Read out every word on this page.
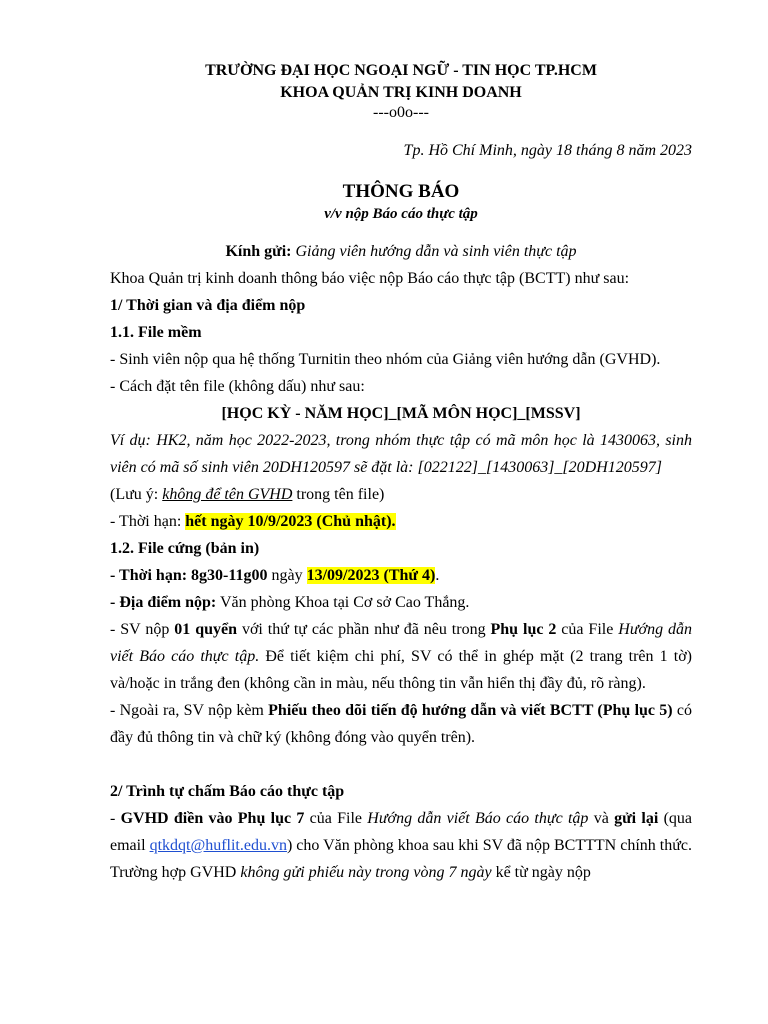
TRƯỜNG ĐẠI HỌC NGOẠI NGỮ - TIN HỌC TP.HCM

KHOA QUẢN TRỊ KINH DOANH

---o0o---

Tp. Hồ Chí Minh, ngày 18 tháng 8 năm 2023

THÔNG BÁO

v/v nộp Báo cáo thực tập

Kính gửi: Giảng viên hướng dẫn và sinh viên thực tập

Khoa Quản trị kinh doanh thông báo việc nộp Báo cáo thực tập (BCTT) như sau:

1/ Thời gian và địa điểm nộp

1.1. File mềm

- Sinh viên nộp qua hệ thống Turnitin theo nhóm của Giảng viên hướng dẫn (GVHD).

- Cách đặt tên file (không dấu) như sau:

[HỌC KỲ - NĂM HỌC]_[MÃ MÔN HỌC]_[MSSV]

Ví dụ: HK2, năm học 2022-2023, trong nhóm thực tập có mã môn học là 1430063, sinh viên có mã số sinh viên 20DH120597 sẽ đặt là: [022122]_[1430063]_[20DH120597]

(Lưu ý: không để tên GVHD trong tên file)

- Thời hạn: hết ngày 10/9/2023 (Chủ nhật).

1.2. File cứng (bản in)

- Thời hạn: 8g30-11g00 ngày 13/09/2023 (Thứ 4).

- Địa điểm nộp: Văn phòng Khoa tại Cơ sở Cao Thắng.

- SV nộp 01 quyển với thứ tự các phần như đã nêu trong Phụ lục 2 của File Hướng dẫn viết Báo cáo thực tập. Để tiết kiệm chi phí, SV có thể in ghép mặt (2 trang trên 1 tờ) và/hoặc in trắng đen (không cần in màu, nếu thông tin vẫn hiển thị đầy đủ, rõ ràng).

- Ngoài ra, SV nộp kèm Phiếu theo dõi tiến độ hướng dẫn và viết BCTT (Phụ lục 5) có đầy đủ thông tin và chữ ký (không đóng vào quyển trên).

2/ Trình tự chấm Báo cáo thực tập

- GVHD điền vào Phụ lục 7 của File Hướng dẫn viết Báo cáo thực tập và gửi lại (qua email qtkdqt@huflit.edu.vn) cho Văn phòng khoa sau khi SV đã nộp BCTTTN chính thức. Trường hợp GVHD không gửi phiếu này trong vòng 7 ngày kể từ ngày nộp
